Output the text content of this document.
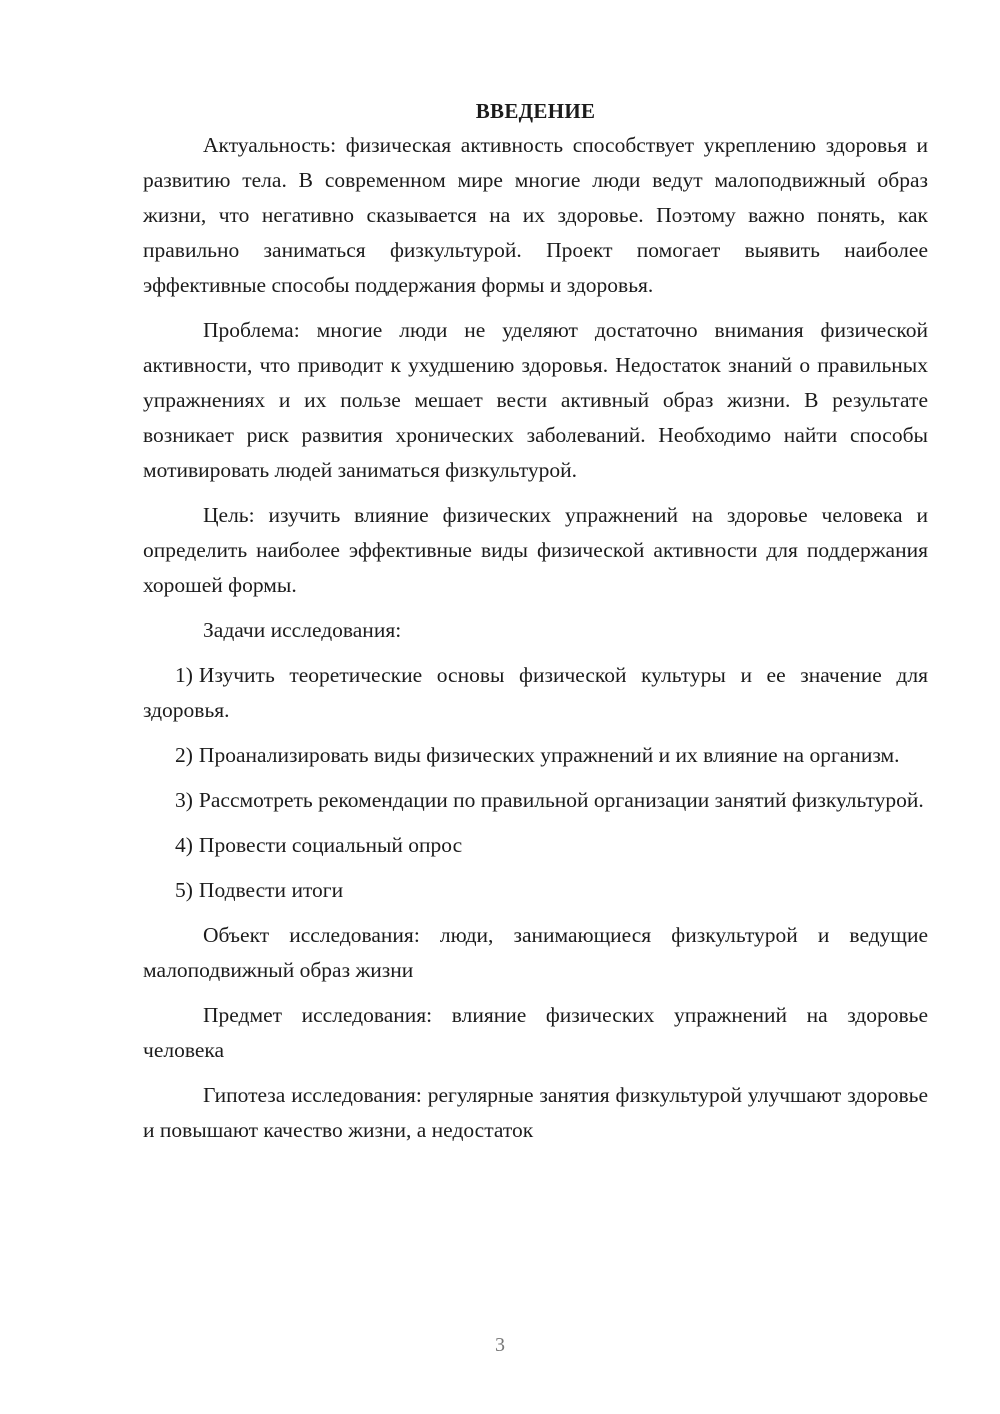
ВВЕДЕНИЕ

Актуальность: физическая активность способствует укреплению здоровья и развитию тела. В современном мире многие люди ведут малоподвижный образ жизни, что негативно сказывается на их здоровье. Поэтому важно понять, как правильно заниматься физкультурой. Проект помогает выявить наиболее эффективные способы поддержания формы и здоровья.

Проблема: многие люди не уделяют достаточно внимания физической активности, что приводит к ухудшению здоровья. Недостаток знаний о правильных упражнениях и их пользе мешает вести активный образ жизни. В результате возникает риск развития хронических заболеваний. Необходимо найти способы мотивировать людей заниматься физкультурой.

Цель: изучить влияние физических упражнений на здоровье человека и определить наиболее эффективные виды физической активности для поддержания хорошей формы.

Задачи исследования:

1) Изучить теоретические основы физической культуры и ее значение для здоровья.

2) Проанализировать виды физических упражнений и их влияние на организм.

3) Рассмотреть рекомендации по правильной организации занятий физкультурой.

4) Провести социальный опрос

5) Подвести итоги

Объект исследования: люди, занимающиеся физкультурой и ведущие малоподвижный образ жизни

Предмет исследования: влияние физических упражнений на здоровье человека

Гипотеза исследования: регулярные занятия физкультурой улучшают здоровье и повышают качество жизни, а недостаток

3
